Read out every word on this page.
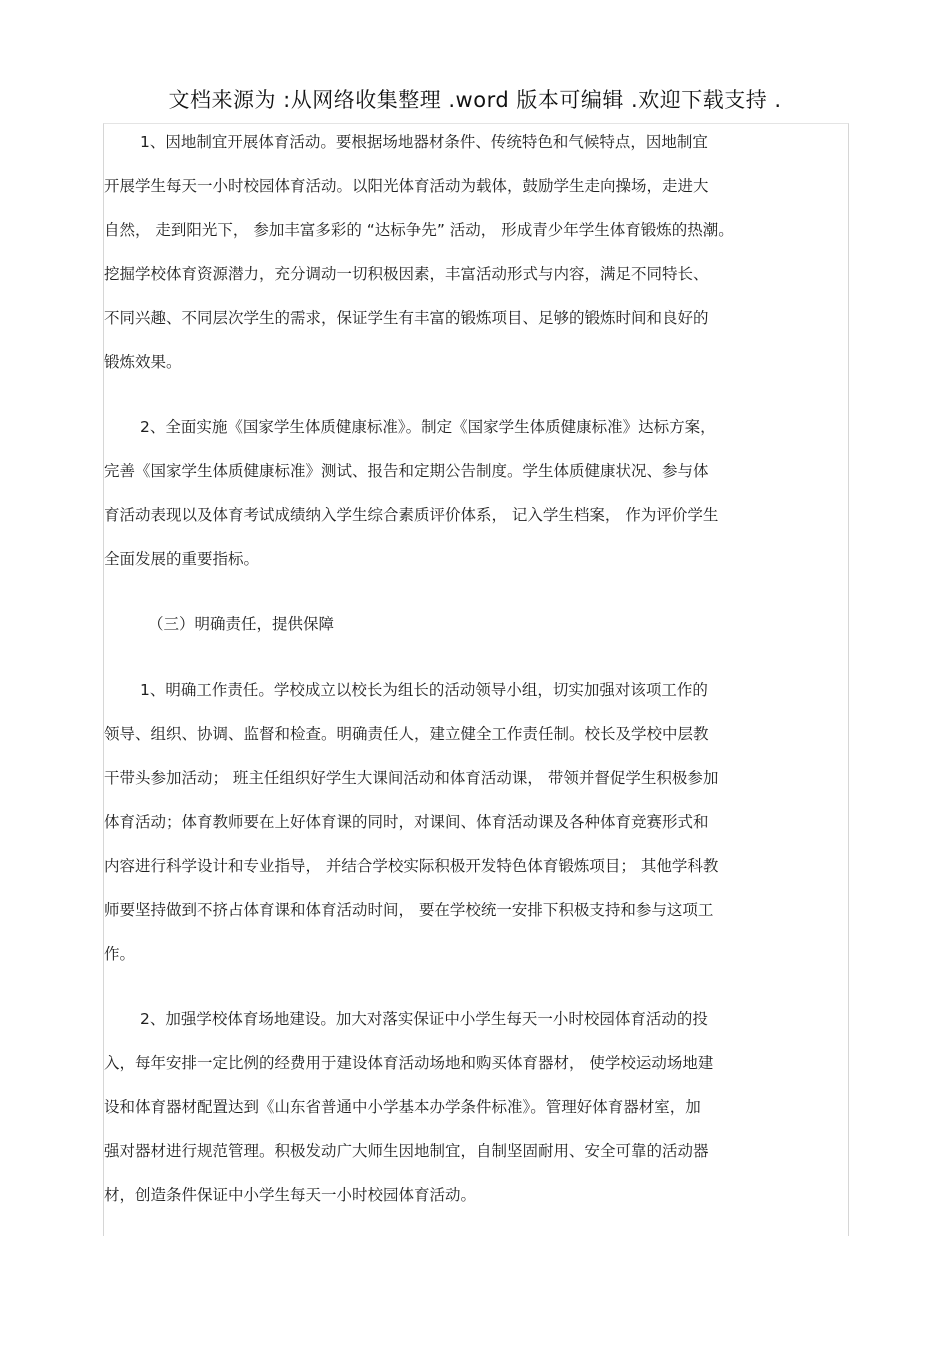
文档来源为 :从网络收集整理 .word 版本可编辑 .欢迎下载支持 .
1、因地制宜开展体育活动。要根据场地器材条件、传统特色和气候特点，因地制宜
开展学生每天一小时校园体育活动。以阳光体育活动为载体，鼓励学生走向操场，走进大
自然， 走到阳光下， 参加丰富多彩的 “达标争先” 活动， 形成青少年学生体育锻炼的热潮。
挖掘学校体育资源潜力，充分调动一切积极因素，丰富活动形式与内容，满足不同特长、
不同兴趣、不同层次学生的需求，保证学生有丰富的锻炼项目、足够的锻炼时间和良好的
锻炼效果。
2、全面实施《国家学生体质健康标准》。制定《国家学生体质健康标准》达标方案，
完善《国家学生体质健康标准》测试、报告和定期公告制度。学生体质健康状况、参与体
育活动表现以及体育考试成绩纳入学生综合素质评价体系， 记入学生档案， 作为评价学生
全面发展的重要指标。
（三）明确责任，提供保障
1、明确工作责任。学校成立以校长为组长的活动领导小组，切实加强对该项工作的
领导、组织、协调、监督和检查。明确责任人，建立健全工作责任制。校长及学校中层教
干带头参加活动； 班主任组织好学生大课间活动和体育活动课， 带领并督促学生积极参加
体育活动；体育教师要在上好体育课的同时，对课间、体育活动课及各种体育竞赛形式和
内容进行科学设计和专业指导， 并结合学校实际积极开发特色体育锻炼项目； 其他学科教
师要坚持做到不挤占体育课和体育活动时间， 要在学校统一安排下积极支持和参与这项工
作。
2、加强学校体育场地建设。加大对落实保证中小学生每天一小时校园体育活动的投
入，每年安排一定比例的经费用于建设体育活动场地和购买体育器材， 使学校运动场地建
设和体育器材配置达到《山东省普通中小学基本办学条件标准》。管理好体育器材室，加
强对器材进行规范管理。积极发动广大师生因地制宜，自制坚固耐用、安全可靠的活动器
材，创造条件保证中小学生每天一小时校园体育活动。
